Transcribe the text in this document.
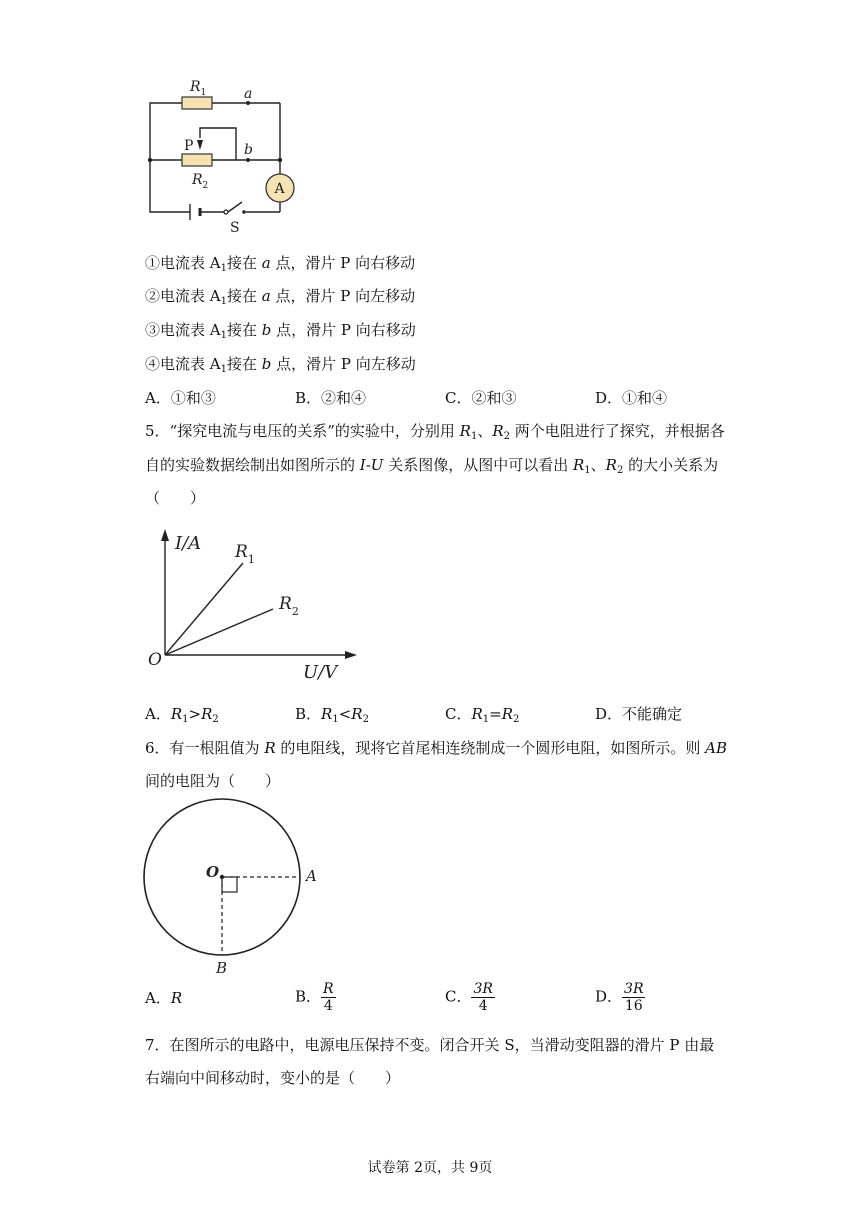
A
$R_1$	a
P	b
$R_2$
S
①电流表 $A_1$接在 a 点，滑片 P 向右移动
②电流表 $A_1$接在 a 点，滑片 P 向左移动
③电流表 $A_1$接在 b 点，滑片 P 向右移动
④电流表 $A_1$接在 b 点，滑片 P 向左移动
A．①和③	B．②和④	C．②和③	D．①和④
5．“探究电流与电压的关系”的实验中，分别用 $R_1$、$R_2$ 两个电阻进行了探究，并根据各
自的实验数据绘制出如图所示的 I-U 关系图像，从图中可以看出 $R_1$、$R_2$ 的大小关系为
（　　）
I/A
U/V
O
$R_1$
$R_2$
A．$R_1>R_2$	B．$R_1<R_2$	C．$R_1=R_2$	D．不能确定
6．有一根阻值为 R 的电阻线，现将它首尾相连绕制成一个圆形电阻，如图所示。则 AB
间的电阻为（　　）
O	A
B
A．R	B． $\frac{R}{4}$	C． $\frac{3R}{4}$	D． $\frac{3R}{16}$
7．在图所示的电路中，电源电压保持不变。闭合开关 S，当滑动变阻器的滑片 P 由最
右端向中间移动时，变小的是（　　）
试卷第 2页，共 9页
